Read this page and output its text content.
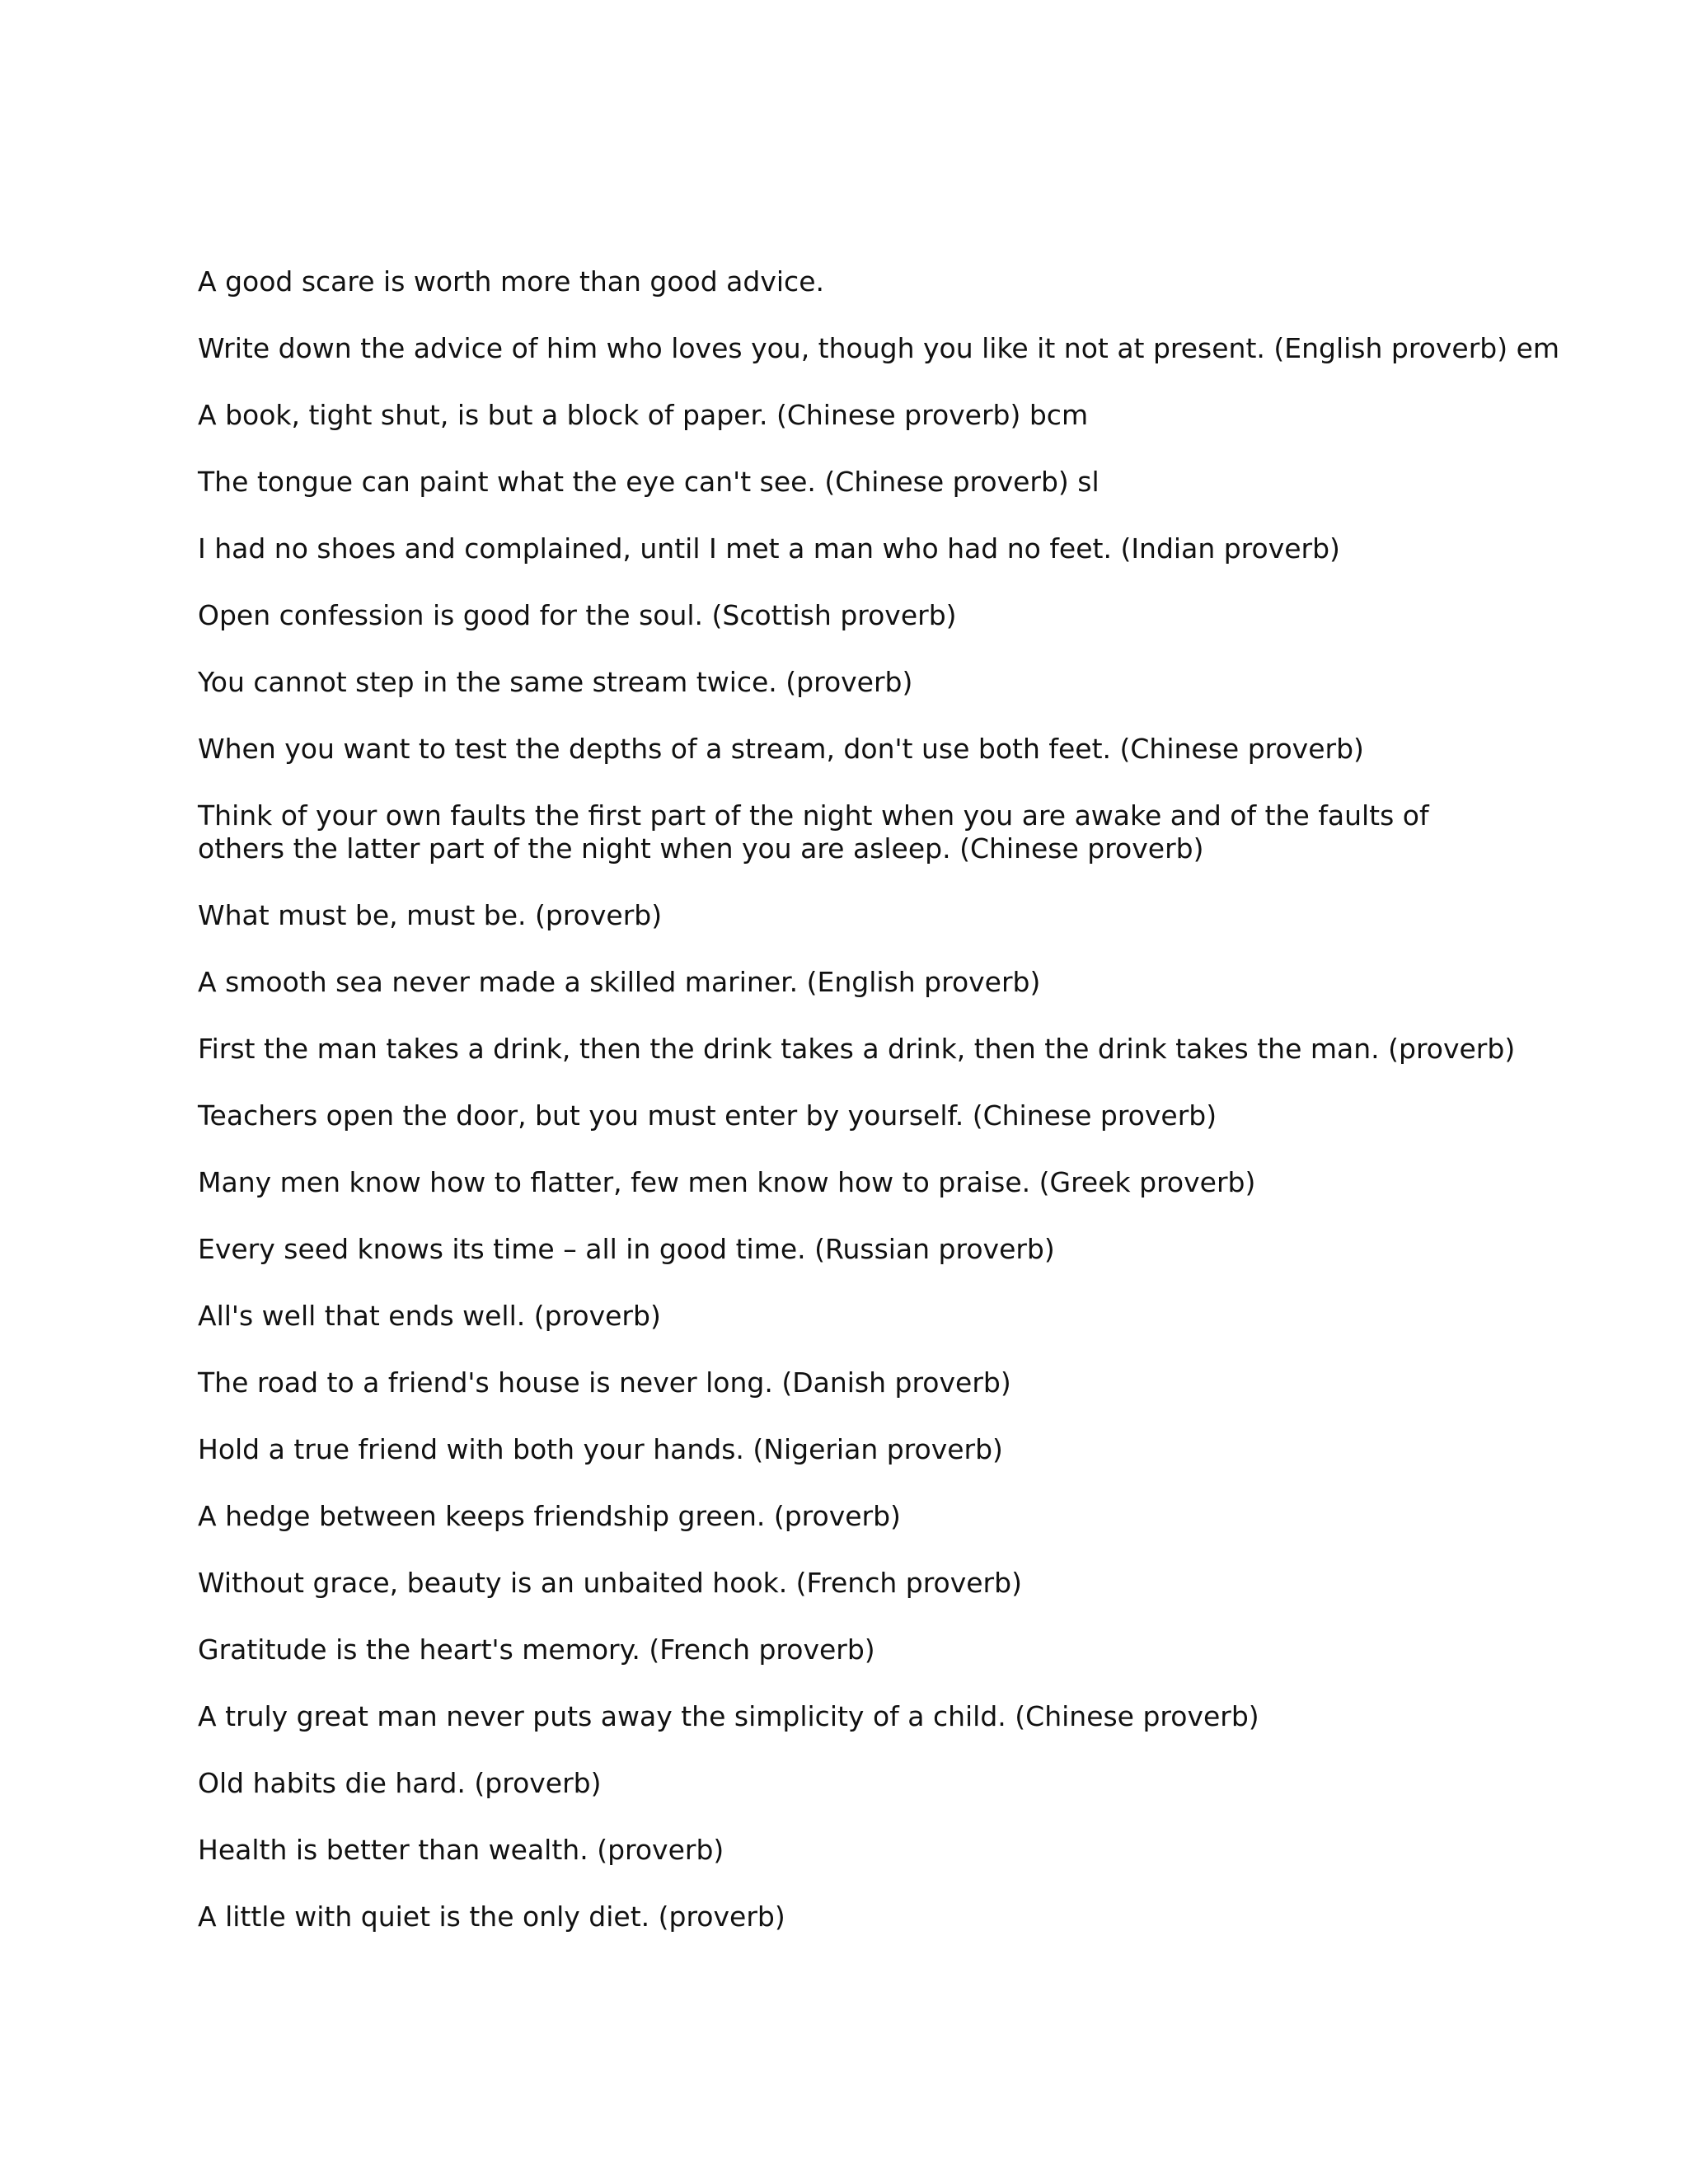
A good scare is worth more than good advice.

Write down the advice of him who loves you, though you like it not at present. (English proverb) em

A book, tight shut, is but a block of paper. (Chinese proverb) bcm

The tongue can paint what the eye can't see. (Chinese proverb) sl

I had no shoes and complained, until I met a man who had no feet. (Indian proverb)

Open confession is good for the soul. (Scottish proverb)

You cannot step in the same stream twice. (proverb)

When you want to test the depths of a stream, don't use both feet. (Chinese proverb)

Think of your own faults the first part of the night when you are awake and of the faults of others the latter part of the night when you are asleep. (Chinese proverb)

What must be, must be. (proverb)

A smooth sea never made a skilled mariner. (English proverb)

First the man takes a drink, then the drink takes a drink, then the drink takes the man. (proverb)

Teachers open the door, but you must enter by yourself. (Chinese proverb)

Many men know how to flatter, few men know how to praise. (Greek proverb)

Every seed knows its time – all in good time. (Russian proverb)

All's well that ends well. (proverb)

The road to a friend's house is never long. (Danish proverb)

Hold a true friend with both your hands. (Nigerian proverb)

A hedge between keeps friendship green. (proverb)

Without grace, beauty is an unbaited hook. (French proverb)

Gratitude is the heart's memory. (French proverb)

A truly great man never puts away the simplicity of a child. (Chinese proverb)

Old habits die hard. (proverb)

Health is better than wealth. (proverb)

A little with quiet is the only diet. (proverb)
